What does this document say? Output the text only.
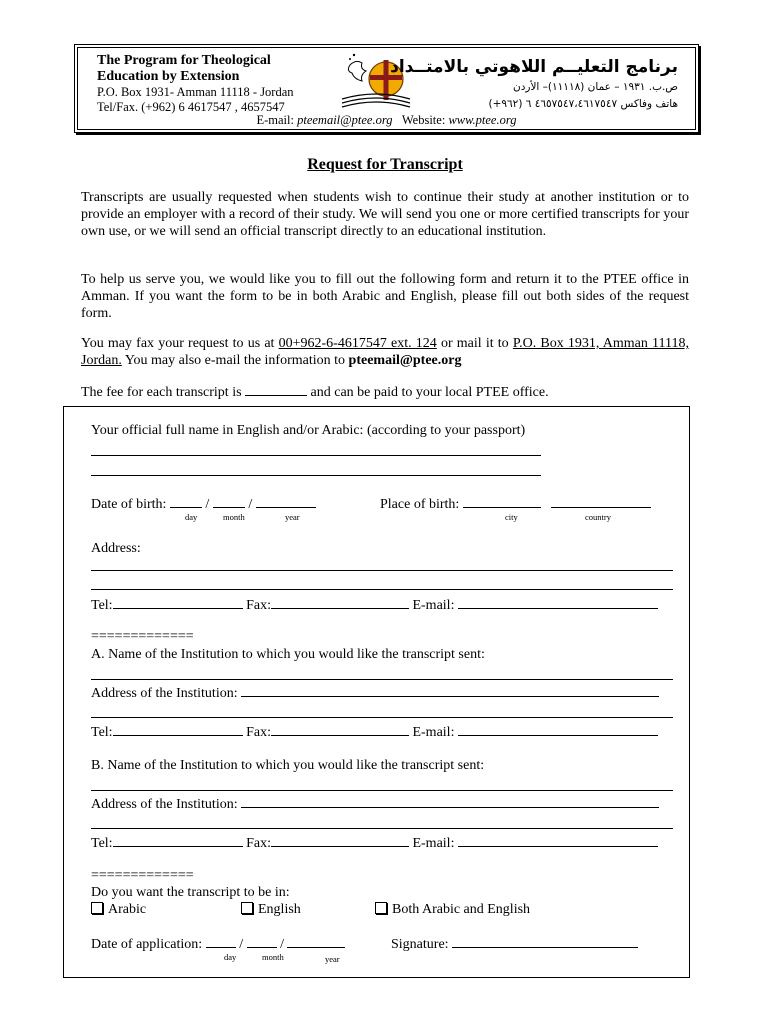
The Program for Theological
Education by Extension
P.O. Box 1931- Amman 11118 - Jordan
Tel/Fax. (+962) 6 4617547 , 4657547
برنامج التعليــم اللاهوتي بالامتــداد
ص.ب. ١٩٣١ – عمان (١١١١٨)– الأردن
هاتف وفاكس ٤٦٥٧٥٤٧،٤٦١٧٥٤٧ ٦ (٩٦٢+)
E-mail: pteemail@ptee.org Website: www.ptee.org
Request for Transcript
Transcripts are usually requested when students wish to continue their study at another institution or to provide an employer with a record of their study. We will send you one or more certified transcripts for your own use, or we will send an official transcript directly to an educational institution.
To help us serve you, we would like you to fill out the following form and return it to the PTEE office in Amman. If you want the form to be in both Arabic and English, please fill out both sides of the request form.
You may fax your request to us at 00+962-6-4617547 ext. 124 or mail it to P.O. Box 1931, Amman 11118, Jordan. You may also e-mail the information to pteemail@ptee.org
The fee for each transcript is	and can be paid to your local PTEE office.
Your official full name in English and/or Arabic: (according to your passport)
Date of birth:	/	/
day	month	year
Place of birth:
city	country
Address:
Tel:	Fax:	E-mail:
=============
A. Name of the Institution to which you would like the transcript sent:
Address of the Institution:
Tel:	Fax:	E-mail:
B. Name of the Institution to which you would like the transcript sent:
Address of the Institution:
Tel:	Fax:	E-mail:
=============
Do you want the transcript to be in:
Arabic	English	Both Arabic and English
Date of application:	/	/
day	month	year
Signature:
